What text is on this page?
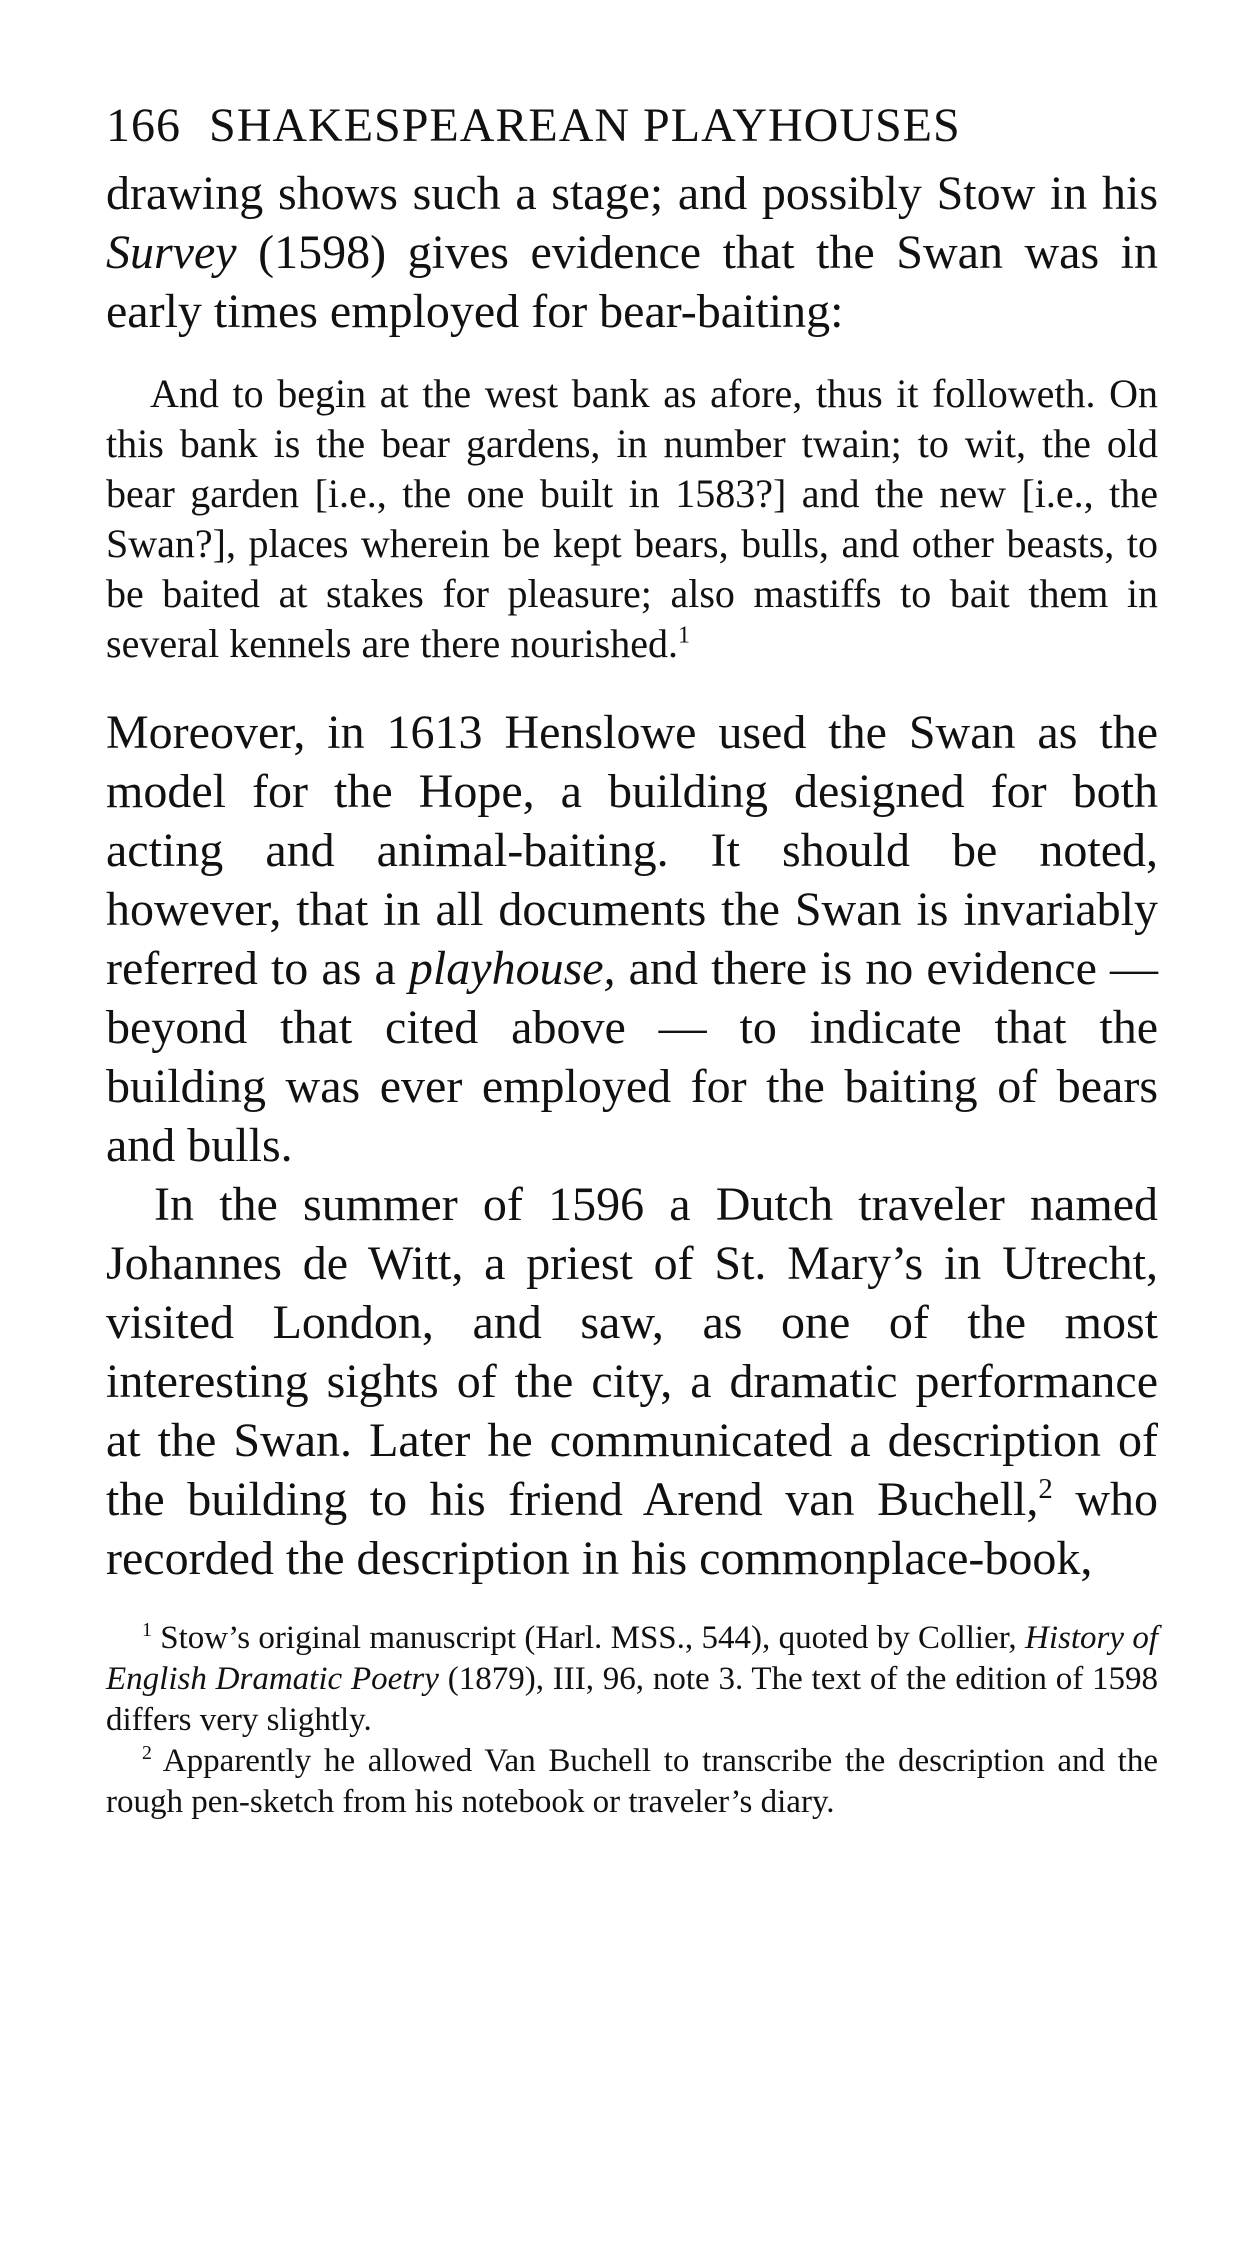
166 SHAKESPEAREAN PLAYHOUSES

drawing shows such a stage; and possibly Stow in his Survey (1598) gives evidence that the Swan was in early times employed for bear-baiting:

And to begin at the west bank as afore, thus it followeth. On this bank is the bear gardens, in number twain; to wit, the old bear garden [i.e., the one built in 1583?] and the new [i.e., the Swan?], places wherein be kept bears, bulls, and other beasts, to be baited at stakes for pleasure; also mastiffs to bait them in several kennels are there nourished.$^1$

Moreover, in 1613 Henslowe used the Swan as the model for the Hope, a building designed for both acting and animal-baiting. It should be noted, however, that in all documents the Swan is invariably referred to as a playhouse, and there is no evidence — beyond that cited above — to indicate that the building was ever employed for the baiting of bears and bulls.

In the summer of 1596 a Dutch traveler named Johannes de Witt, a priest of St. Mary’s in Utrecht, visited London, and saw, as one of the most interesting sights of the city, a dramatic performance at the Swan. Later he communicated a description of the building to his friend Arend van Buchell,$^2$ who recorded the description in his commonplace-book,

$^1$ Stow’s original manuscript (Harl. MSS., 544), quoted by Collier, History of English Dramatic Poetry (1879), III, 96, note 3. The text of the edition of 1598 differs very slightly.

$^2$ Apparently he allowed Van Buchell to transcribe the description and the rough pen-sketch from his notebook or traveler’s diary.
